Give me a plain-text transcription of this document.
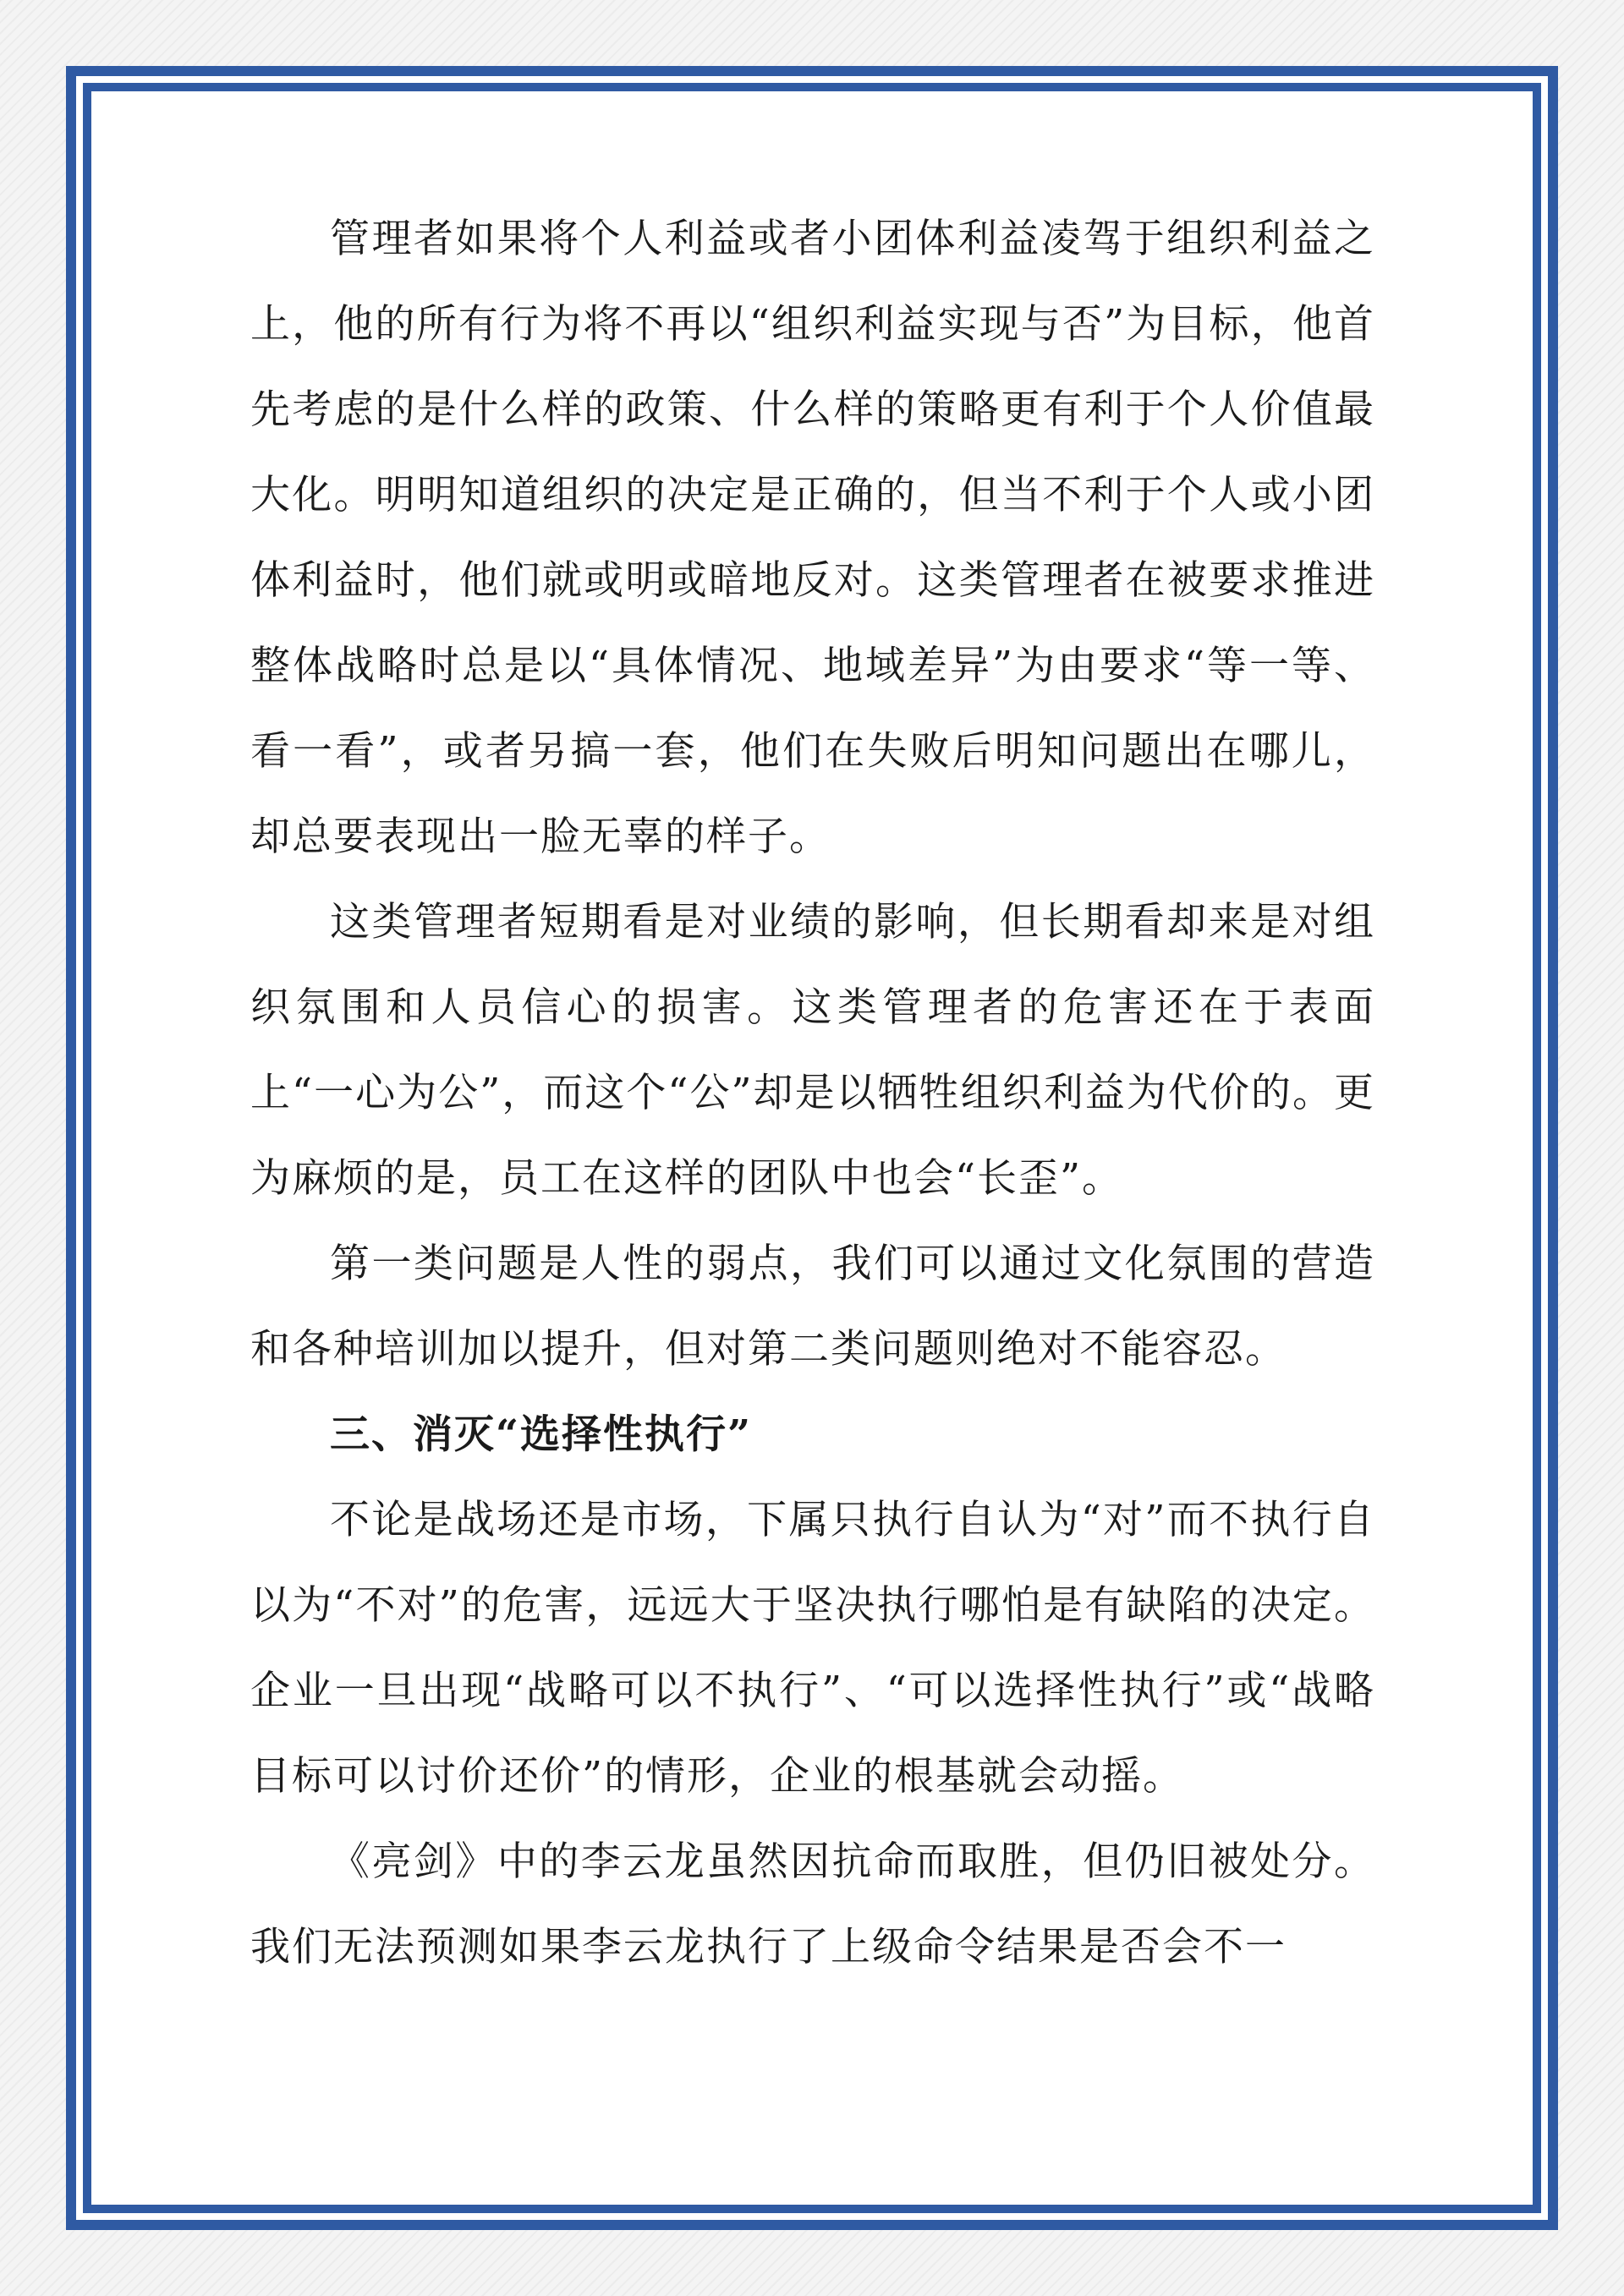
管理者如果将个人利益或者小团体利益凌驾于组织利益之上，他的所有行为将不再以“组织利益实现与否”为目标，他首先考虑的是什么样的政策、什么样的策略更有利于个人价值最大化。明明知道组织的决定是正确的，但当不利于个人或小团体利益时，他们就或明或暗地反对。这类管理者在被要求推进整体战略时总是以“具体情况、地域差异”为由要求“等一等、看一看”，或者另搞一套，他们在失败后明知问题出在哪儿，却总要表现出一脸无辜的样子。

这类管理者短期看是对业绩的影响，但长期看却来是对组织氛围和人员信心的损害。这类管理者的危害还在于表面上“一心为公”，而这个“公”却是以牺牲组织利益为代价的。更为麻烦的是，员工在这样的团队中也会“长歪”。

第一类问题是人性的弱点，我们可以通过文化氛围的营造和各种培训加以提升，但对第二类问题则绝对不能容忍。

三、消灭“选择性执行”

不论是战场还是市场，下属只执行自认为“对”而不执行自以为“不对”的危害，远远大于坚决执行哪怕是有缺陷的决定。企业一旦出现“战略可以不执行”、“可以选择性执行”或“战略目标可以讨价还价”的情形，企业的根基就会动摇。

《亮剑》中的李云龙虽然因抗命而取胜，但仍旧被处分。我们无法预测如果李云龙执行了上级命令结果是否会不一
